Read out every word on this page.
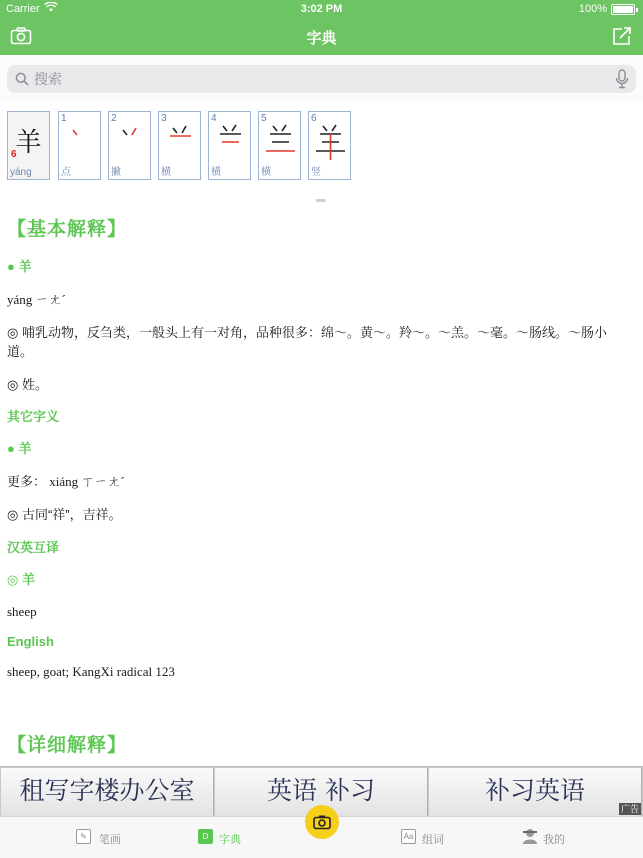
Carrier	3:02 PM	100%
字典
搜索
羊
6
yáng
1
点
2
撇
3
横
4
横
5
横
6
竖
【基本解释】
● 羊
yáng ㄧㄤˊ
◎ 哺乳动物，反刍类，一般头上有一对角，品种很多：绵～。黄～。羚～。～羔。～毫。～肠线。～肠小道。
◎ 姓。
其它字义
● 羊
更多： xiáng ㄒㄧㄤˊ
◎ 古同“祥”，吉祥。
汉英互译
◎ 羊
sheep
English
sheep, goat; KangXi radical 123
【详细解释】
租写字楼办公室	英语 补习	补习英语
广告
✎	笔画	D 字典	Aa 组词	我的
